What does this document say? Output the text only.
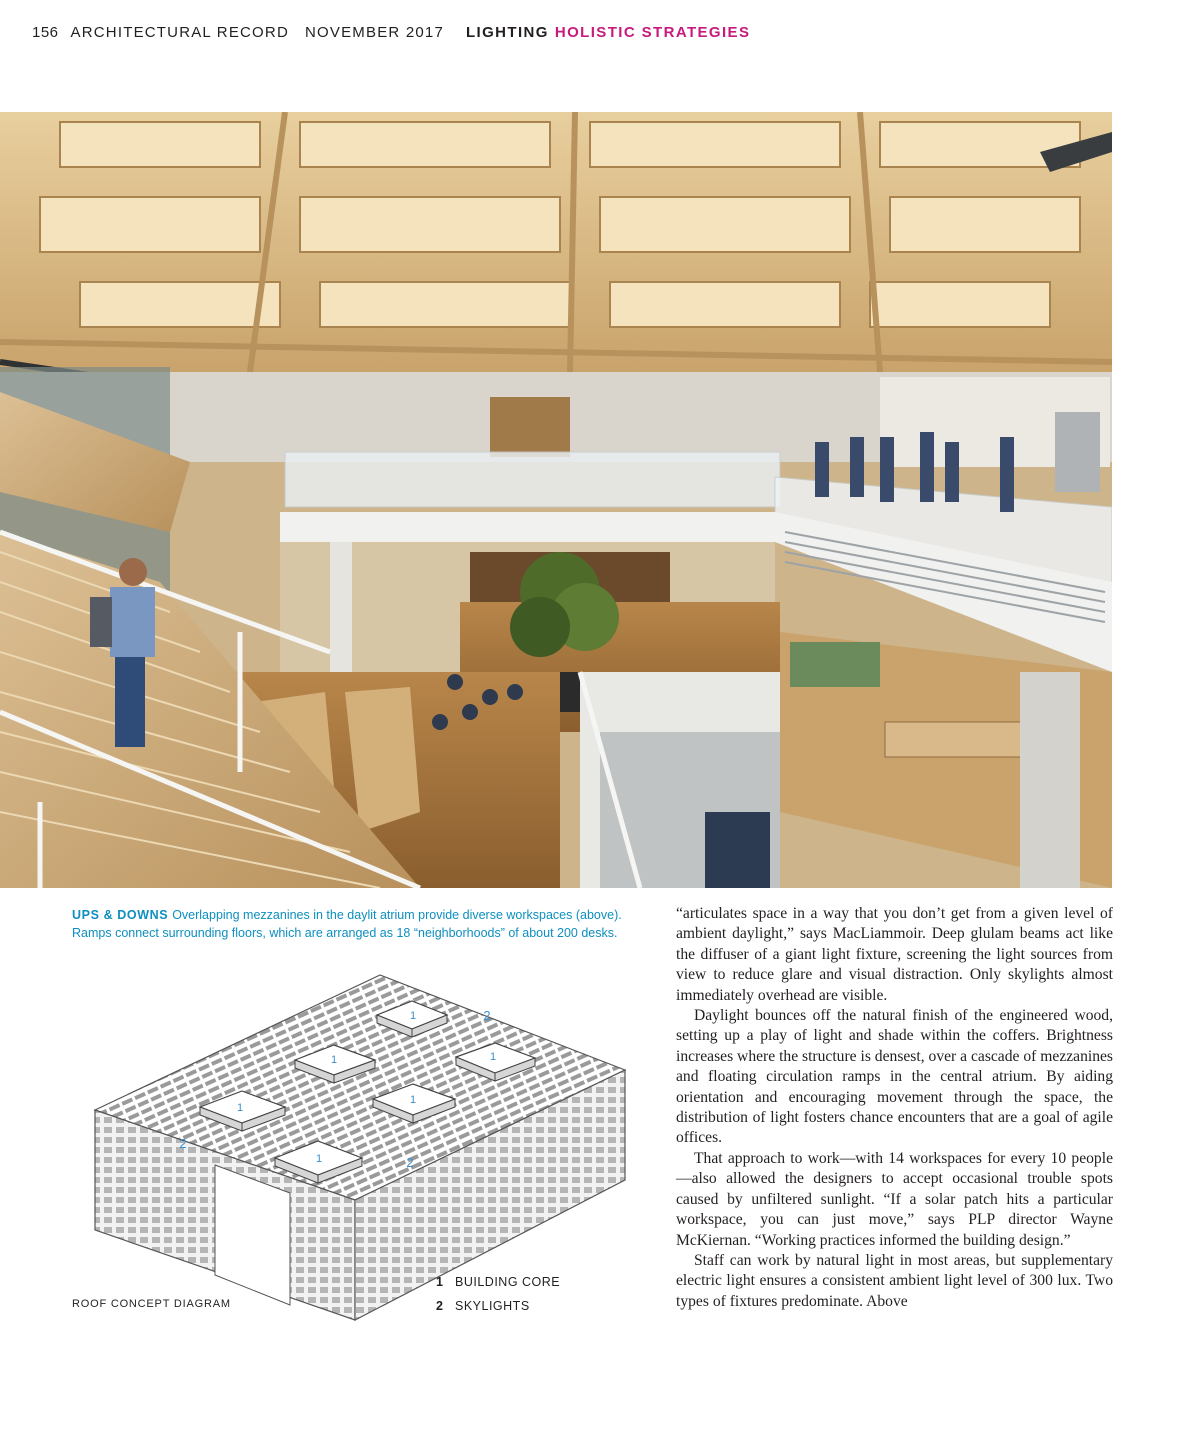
156 ARCHITECTURAL RECORD NOVEMBER 2017 LIGHTING HOLISTIC STRATEGIES
UPS & DOWNS Overlapping mezzanines in the daylit atrium provide diverse workspaces (above). Ramps connect surrounding floors, which are arranged as 18 “neighborhoods” of about 200 desks.
1	2
1	1
1
1
1
2
2
1 BUILDING CORE
2 SKYLIGHTS
ROOF CONCEPT DIAGRAM

“articulates space in a way that you don’t get from a given level of ambient daylight,” says MacLiammoir. Deep glulam beams act like the diffuser of a giant light fixture, screening the light sources from view to reduce glare and visual distraction. Only skylights almost immediately overhead are visible.

Daylight bounces off the natural finish of the engineered wood, setting up a play of light and shade within the coffers. Brightness increases where the structure is densest, over a cascade of mezzanines and floating circulation ramps in the central atrium. By aiding orientation and encouraging movement through the space, the distribution of light fosters chance encounters that are a goal of agile offices.

That approach to work—with 14 workspaces for every 10 people—also allowed the designers to accept occasional trouble spots caused by unfiltered sunlight. “If a solar patch hits a particular workspace, you can just move,” says PLP director Wayne McKiernan. “Working practices informed the building design.”

Staff can work by natural light in most areas, but supplementary electric light ensures a consistent ambient light level of 300 lux. Two types of fixtures predominate. Above
